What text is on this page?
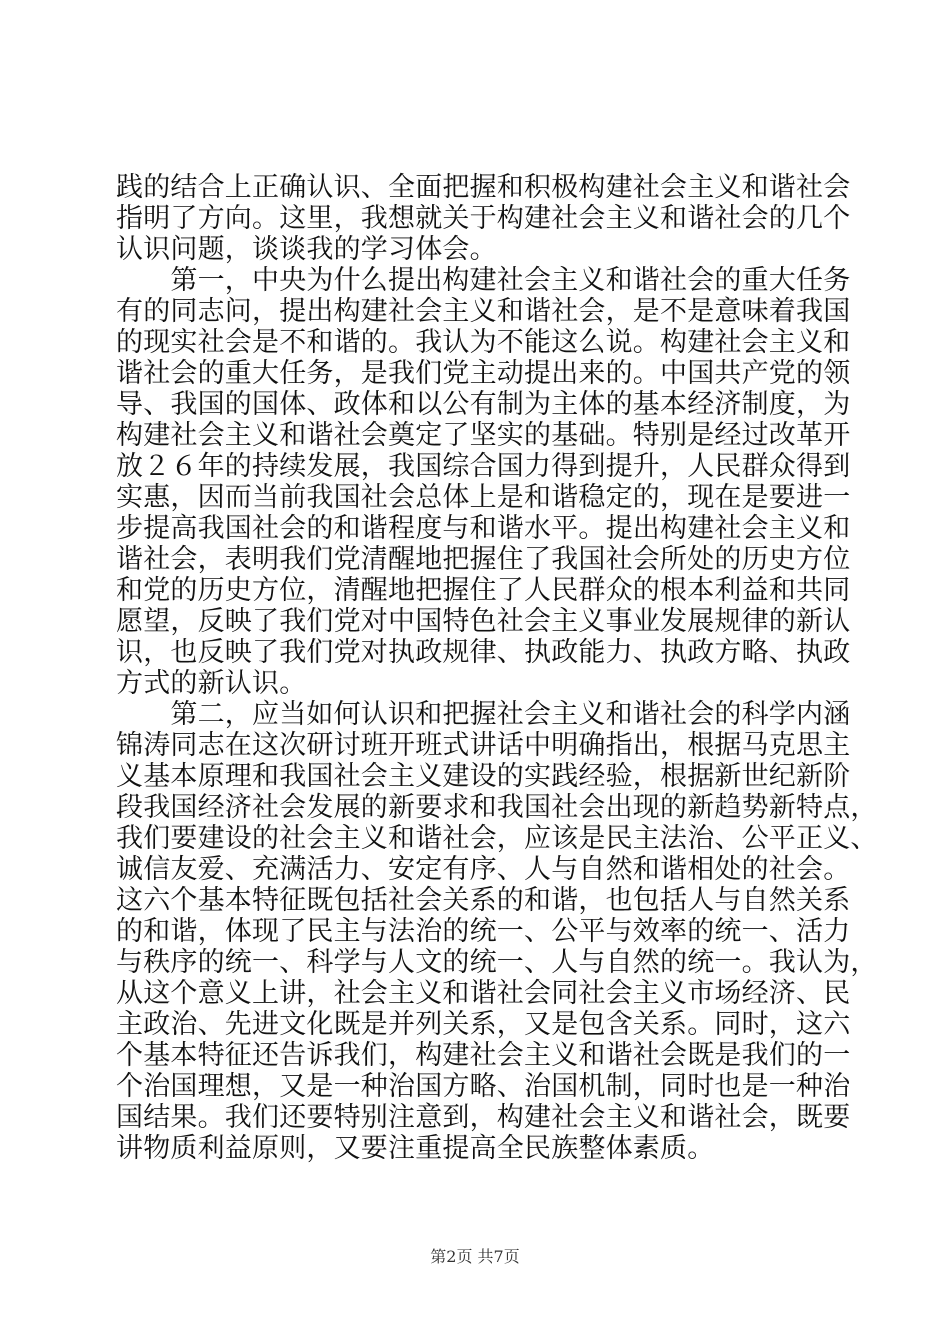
践的结合上正确认识、全面把握和积极构建社会主义和谐社会
指明了方向。这里，我想就关于构建社会主义和谐社会的几个
认识问题，谈谈我的学习体会。
　　第一，中央为什么提出构建社会主义和谐社会的重大任务
有的同志问，提出构建社会主义和谐社会，是不是意味着我国
的现实社会是不和谐的。我认为不能这么说。构建社会主义和
谐社会的重大任务，是我们党主动提出来的。中国共产党的领
导、我国的国体、政体和以公有制为主体的基本经济制度，为
构建社会主义和谐社会奠定了坚实的基础。特别是经过改革开
放２６年的持续发展，我国综合国力得到提升，人民群众得到
实惠，因而当前我国社会总体上是和谐稳定的，现在是要进一
步提高我国社会的和谐程度与和谐水平。提出构建社会主义和
谐社会，表明我们党清醒地把握住了我国社会所处的历史方位
和党的历史方位，清醒地把握住了人民群众的根本利益和共同
愿望，反映了我们党对中国特色社会主义事业发展规律的新认
识，也反映了我们党对执政规律、执政能力、执政方略、执政
方式的新认识。
　　第二，应当如何认识和把握社会主义和谐社会的科学内涵
锦涛同志在这次研讨班开班式讲话中明确指出，根据马克思主
义基本原理和我国社会主义建设的实践经验，根据新世纪新阶
段我国经济社会发展的新要求和我国社会出现的新趋势新特点，
我们要建设的社会主义和谐社会，应该是民主法治、公平正义、
诚信友爱、充满活力、安定有序、人与自然和谐相处的社会。
这六个基本特征既包括社会关系的和谐，也包括人与自然关系
的和谐，体现了民主与法治的统一、公平与效率的统一、活力
与秩序的统一、科学与人文的统一、人与自然的统一。我认为，
从这个意义上讲，社会主义和谐社会同社会主义市场经济、民
主政治、先进文化既是并列关系，又是包含关系。同时，这六
个基本特征还告诉我们，构建社会主义和谐社会既是我们的一
个治国理想，又是一种治国方略、治国机制，同时也是一种治
国结果。我们还要特别注意到，构建社会主义和谐社会，既要
讲物质利益原则，又要注重提高全民族整体素质。
第2页 共7页
